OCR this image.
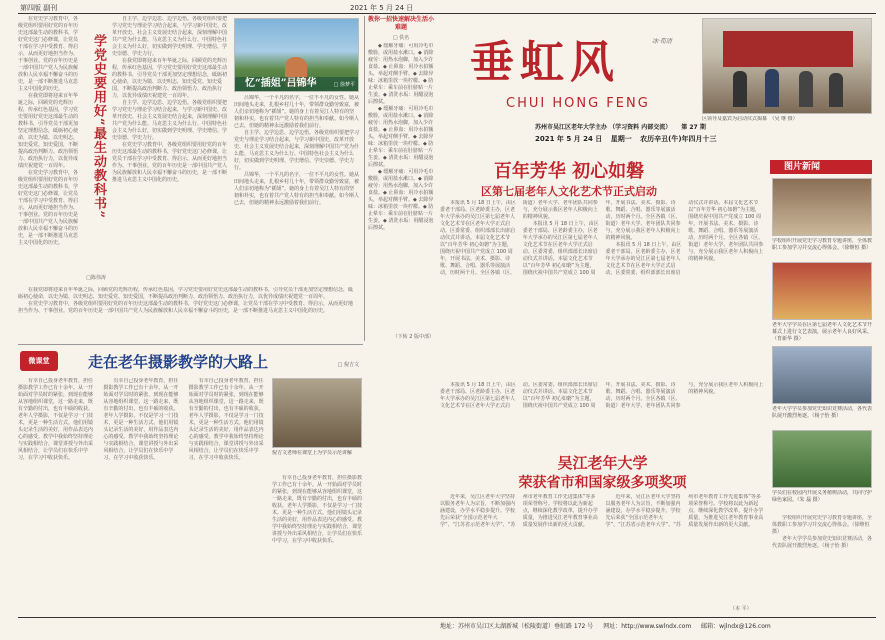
第四版 副刊	2021 年 5 月 24 日
学党史要用好“最生动教科书”

在党史学习教育中，各级党组织要用好党的百年历史这部最生动的教科书，学好党史这门必修课，让党员干部在学习中受教育、得启示，从而更好地担当作为、干事创业。党的百年历史是一部中国共产党人为民族解放和人民幸福不懈奋斗的历史，是一部不断推进马克思主义中国化的历史。

在我党即将迎来百年华诞之际，回顾党的光辉历程，传承红色基因，学习党史要用好党史这部最生动的教科书，引导党员干部更加坚定理想信念，砥砺初心使命，以史为镜、以史明志，知史爱党、知史爱国，不断提高政治判断力、政治领悟力、政治执行力，以优异成绩庆祝建党一百周年。

在党史学习教育中，各级党组织要用好党的百年历史这部最生动的教科书，学好党史这门必修课，让党员干部在学习中受教育、得启示，从而更好地担当作为、干事创业。党的百年历史是一部中国共产党人为民族解放和人民幸福不懈奋斗的历史，是一部不断推进马克思主义中国化的历史。

□陈伟涛

在我党即将迎来百年华诞之际，回顾党的光辉历程，传承红色基因，学习党史要用好党史这部最生动的教科书，引导党员干部更加坚定理想信念，砥砺初心使命，以史为镜、以史明志，知史爱党、知史爱国，不断提高政治判断力、政治领悟力、政治执行力，以优异成绩庆祝建党一百周年。

在党史学习教育中，各级党组织要用好党的百年历史这部最生动的教科书，学好党史这门必修课，让党员干部在学习中受教育、得启示，从而更好地担当作为、干事创业。党的百年历史是一部中国共产党人为民族解放和人民幸福不懈奋斗的历史，是一部不断推进马克思主义中国化的历史。

自主学、边学边思、边学边悟。各级党组织要把学习党史与理论学习结合起来，与学习新中国史、改革开放史、社会主义发展史结合起来，深刻理解中国共产党为什么能、马克思主义为什么行、中国特色社会主义为什么好，切实做到学史明理、学史增信、学史崇德、学史力行。

在我党即将迎来百年华诞之际，回顾党的光辉历程，传承红色基因，学习党史要用好党史这部最生动的教科书，引导党员干部更加坚定理想信念，砥砺初心使命，以史为镜、以史明志，知史爱党、知史爱国，不断提高政治判断力、政治领悟力、政治执行力，以优异成绩庆祝建党一百周年。

自主学、边学边思、边学边悟。各级党组织要把学习党史与理论学习结合起来，与学习新中国史、改革开放史、社会主义发展史结合起来，深刻理解中国共产党为什么能、马克思主义为什么行、中国特色社会主义为什么好，切实做到学史明理、学史增信、学史崇德、学史力行。

在党史学习教育中，各级党组织要用好党的百年历史这部最生动的教科书，学好党史这门必修课，让党员干部在学习中受教育、得启示，从而更好地担当作为、干事创业。党的百年历史是一部中国共产党人为民族解放和人民幸福不懈奋斗的历史，是一部不断推进马克思主义中国化的历史。

忆“插姐”吕锦华	□ 徐梦平

吕锦华，一个平凡的名字，一位不平凡的女性。她从田间地头走来，扎根乡村几十年，带领群众勤劳致富，被人们亲切地称为“插姐”。她的身上有着吴江人特有的坚韧和朴实，也有着共产党人特有的担当和奉献。如今斯人已去，但她的精神永远激励着我们前行。

自主学、边学边思、边学边悟。各级党组织要把学习党史与理论学习结合起来，与学习新中国史、改革开放史、社会主义发展史结合起来，深刻理解中国共产党为什么能、马克思主义为什么行、中国特色社会主义为什么好，切实做到学史明理、学史增信、学史崇德、学史力行。

吕锦华，一个平凡的名字，一位不平凡的女性。她从田间地头走来，扎根乡村几十年，带领群众勤劳致富，被人们亲切地称为“插姐”。她的身上有着吴江人特有的坚韧和朴实，也有着共产党人特有的担当和奉献。如今斯人已去，但她的精神永远激励着我们前行。

教你一招快速解决生活小难题
□ 佚名

◆ 缓解牙痛：可用冷毛巾敷脸，或用盐水漱口。◆ 消除疲劳：用热水泡脚，加入少许食盐。◆ 止鼻血：用冷水拍额头，举起对侧手臂。◆ 去除异味：冰箱里放一块柠檬。◆ 防止晕车：乘车前在肚脐贴一片生姜。◆ 清洗水垢：用醋浸泡后擦拭。

◆ 缓解牙痛：可用冷毛巾敷脸，或用盐水漱口。◆ 消除疲劳：用热水泡脚，加入少许食盐。◆ 止鼻血：用冷水拍额头，举起对侧手臂。◆ 去除异味：冰箱里放一块柠檬。◆ 防止晕车：乘车前在肚脐贴一片生姜。◆ 清洗水垢：用醋浸泡后擦拭。

◆ 缓解牙痛：可用冷毛巾敷脸，或用盐水漱口。◆ 消除疲劳：用热水泡脚，加入少许食盐。◆ 止鼻血：用冷水拍额头，举起对侧手臂。◆ 去除异味：冰箱里放一块柠檬。◆ 防止晕车：乘车前在肚脐贴一片生姜。◆ 清洗水垢：用醋浸泡后擦拭。

（下转 2 版中部）
垂虹风	冰·荀清
CHUI HONG FENG
苏州市吴江区老年大学主办 （学习资料 内部交流） 第 27 期
2021 年 5 月 24 日 星期一 农历辛丑(牛)年四月十三
区领导及嘉宾为启动仪式揭幕　（吴 继 摄）
百年芳华 初心如磐
区第七届老年人文化艺术节正式启动
图片新闻
学校组织开展党史学习教育专题讲座，全体教职工参加学习并交流心得体会。（徐继恒 摄）
老年大学学员在区第七届老年人文化艺术节开幕式上进行文艺表演，展示老年人良好风采。（育新华 摄）
老年大学学员参加党史知识竞赛活动，各代表队展开激烈角逐。（杨子怡 摄）
学员们在校园内开展义务植树活动，共同守护绿色家园。（朱 磊 摄）

本报讯 5 月 18 日上午，由区委老干部局、区老龄委主办，区老年大学承办的吴江区第七届老年人文化艺术节在区老年大学正式启动。区委常委、组织部部长出席启动仪式并讲话。本届文化艺术节以“百年芳华 初心如磐”为主题，围绕庆祝中国共产党成立 100 周年，开展书法、美术、摄影、诗歌、舞蹈、合唱、器乐等展演活动，历时两个月。全区各镇（区、街道）老年大学、老年团队共同参与，充分展示我区老年人积极向上的精神风貌。

本报讯 5 月 18 日上午，由区委老干部局、区老龄委主办，区老年大学承办的吴江区第七届老年人文化艺术节在区老年大学正式启动。区委常委、组织部部长出席启动仪式并讲话。本届文化艺术节以“百年芳华 初心如磐”为主题，围绕庆祝中国共产党成立 100 周年，开展书法、美术、摄影、诗歌、舞蹈、合唱、器乐等展演活动，历时两个月。全区各镇（区、街道）老年大学、老年团队共同参与，充分展示我区老年人积极向上的精神风貌。

本报讯 5 月 18 日上午，由区委老干部局、区老龄委主办，区老年大学承办的吴江区第七届老年人文化艺术节在区老年大学正式启动。区委常委、组织部部长出席启动仪式并讲话。本届文化艺术节以“百年芳华 初心如磐”为主题，围绕庆祝中国共产党成立 100 周年，开展书法、美术、摄影、诗歌、舞蹈、合唱、器乐等展演活动，历时两个月。全区各镇（区、街道）老年大学、老年团队共同参与，充分展示我区老年人积极向上的精神风貌。

微课堂	走在老年摄影教学的大路上	□ 倪吉文

有幸自己投身老年教育，担任摄影教学工作已有十余年。从一开始面对学员时的紧张，到现在能够从容地组织课堂，这一路走来，既有辛勤的付出，也有丰硕的收获。老年人学摄影，不仅是学习一门技术，更是一种生活方式。他们用镜头记录生活的美好，用作品表达内心的感受。教学中我始终坚持理论与实践相结合，课堂讲授与外出采风相结合，让学员们在快乐中学习，在学习中收获快乐。

有幸自己投身老年教育，担任摄影教学工作已有十余年。从一开始面对学员时的紧张，到现在能够从容地组织课堂，这一路走来，既有辛勤的付出，也有丰硕的收获。老年人学摄影，不仅是学习一门技术，更是一种生活方式。他们用镜头记录生活的美好，用作品表达内心的感受。教学中我始终坚持理论与实践相结合，课堂讲授与外出采风相结合，让学员们在快乐中学习，在学习中收获快乐。

有幸自己投身老年教育，担任摄影教学工作已有十余年。从一开始面对学员时的紧张，到现在能够从容地组织课堂，这一路走来，既有辛勤的付出，也有丰硕的收获。老年人学摄影，不仅是学习一门技术，更是一种生活方式。他们用镜头记录生活的美好，用作品表达内心的感受。教学中我始终坚持理论与实践相结合，课堂讲授与外出采风相结合，让学员们在快乐中学习，在学习中收获快乐。

倪吉文老师在课堂上为学员示范讲解

有幸自己投身老年教育，担任摄影教学工作已有十余年。从一开始面对学员时的紧张，到现在能够从容地组织课堂，这一路走来，既有辛勤的付出，也有丰硕的收获。老年人学摄影，不仅是学习一门技术，更是一种生活方式。他们用镜头记录生活的美好，用作品表达内心的感受。教学中我始终坚持理论与实践相结合，课堂讲授与外出采风相结合，让学员们在快乐中学习，在学习中收获快乐。

本报讯 5 月 18 日上午，由区委老干部局、区老龄委主办，区老年大学承办的吴江区第七届老年人文化艺术节在区老年大学正式启动。区委常委、组织部部长出席启动仪式并讲话。本届文化艺术节以“百年芳华 初心如磐”为主题，围绕庆祝中国共产党成立 100 周年，开展书法、美术、摄影、诗歌、舞蹈、合唱、器乐等展演活动，历时两个月。全区各镇（区、街道）老年大学、老年团队共同参与，充分展示我区老年人积极向上的精神风貌。

吴江老年大学
荣获省市和国家级多项奖项

近年来，吴江区老年大学坚持以服务老年人为宗旨，不断加强内涵建设，办学水平稳步提升。学校先后荣获“全国示范老年大学”、“江苏省示范老年大学”、“苏州市老年教育工作先进集体”等多项荣誉称号。学校将以此为新起点，继续深化教学改革，提升办学质量，为推进吴江老年教育事业高质量发展作出新的更大贡献。

近年来，吴江区老年大学坚持以服务老年人为宗旨，不断加强内涵建设，办学水平稳步提升。学校先后荣获“全国示范老年大学”、“江苏省示范老年大学”、“苏州市老年教育工作先进集体”等多项荣誉称号。学校将以此为新起点，继续深化教学改革，提升办学质量，为推进吴江老年教育事业高质量发展作出新的更大贡献。

（本 平）

学校组织开展党史学习教育专题讲座，全体教职工参加学习并交流心得体会。（徐继恒 摄）

老年大学学员参加党史知识竞赛活动，各代表队展开激烈角逐。（杨子怡 摄）

地址：苏州市吴江区太湖新城（松陵街道）垂虹路 172 号 网址：http://www.swlndx.com 邮箱：wjlndx@126.com
